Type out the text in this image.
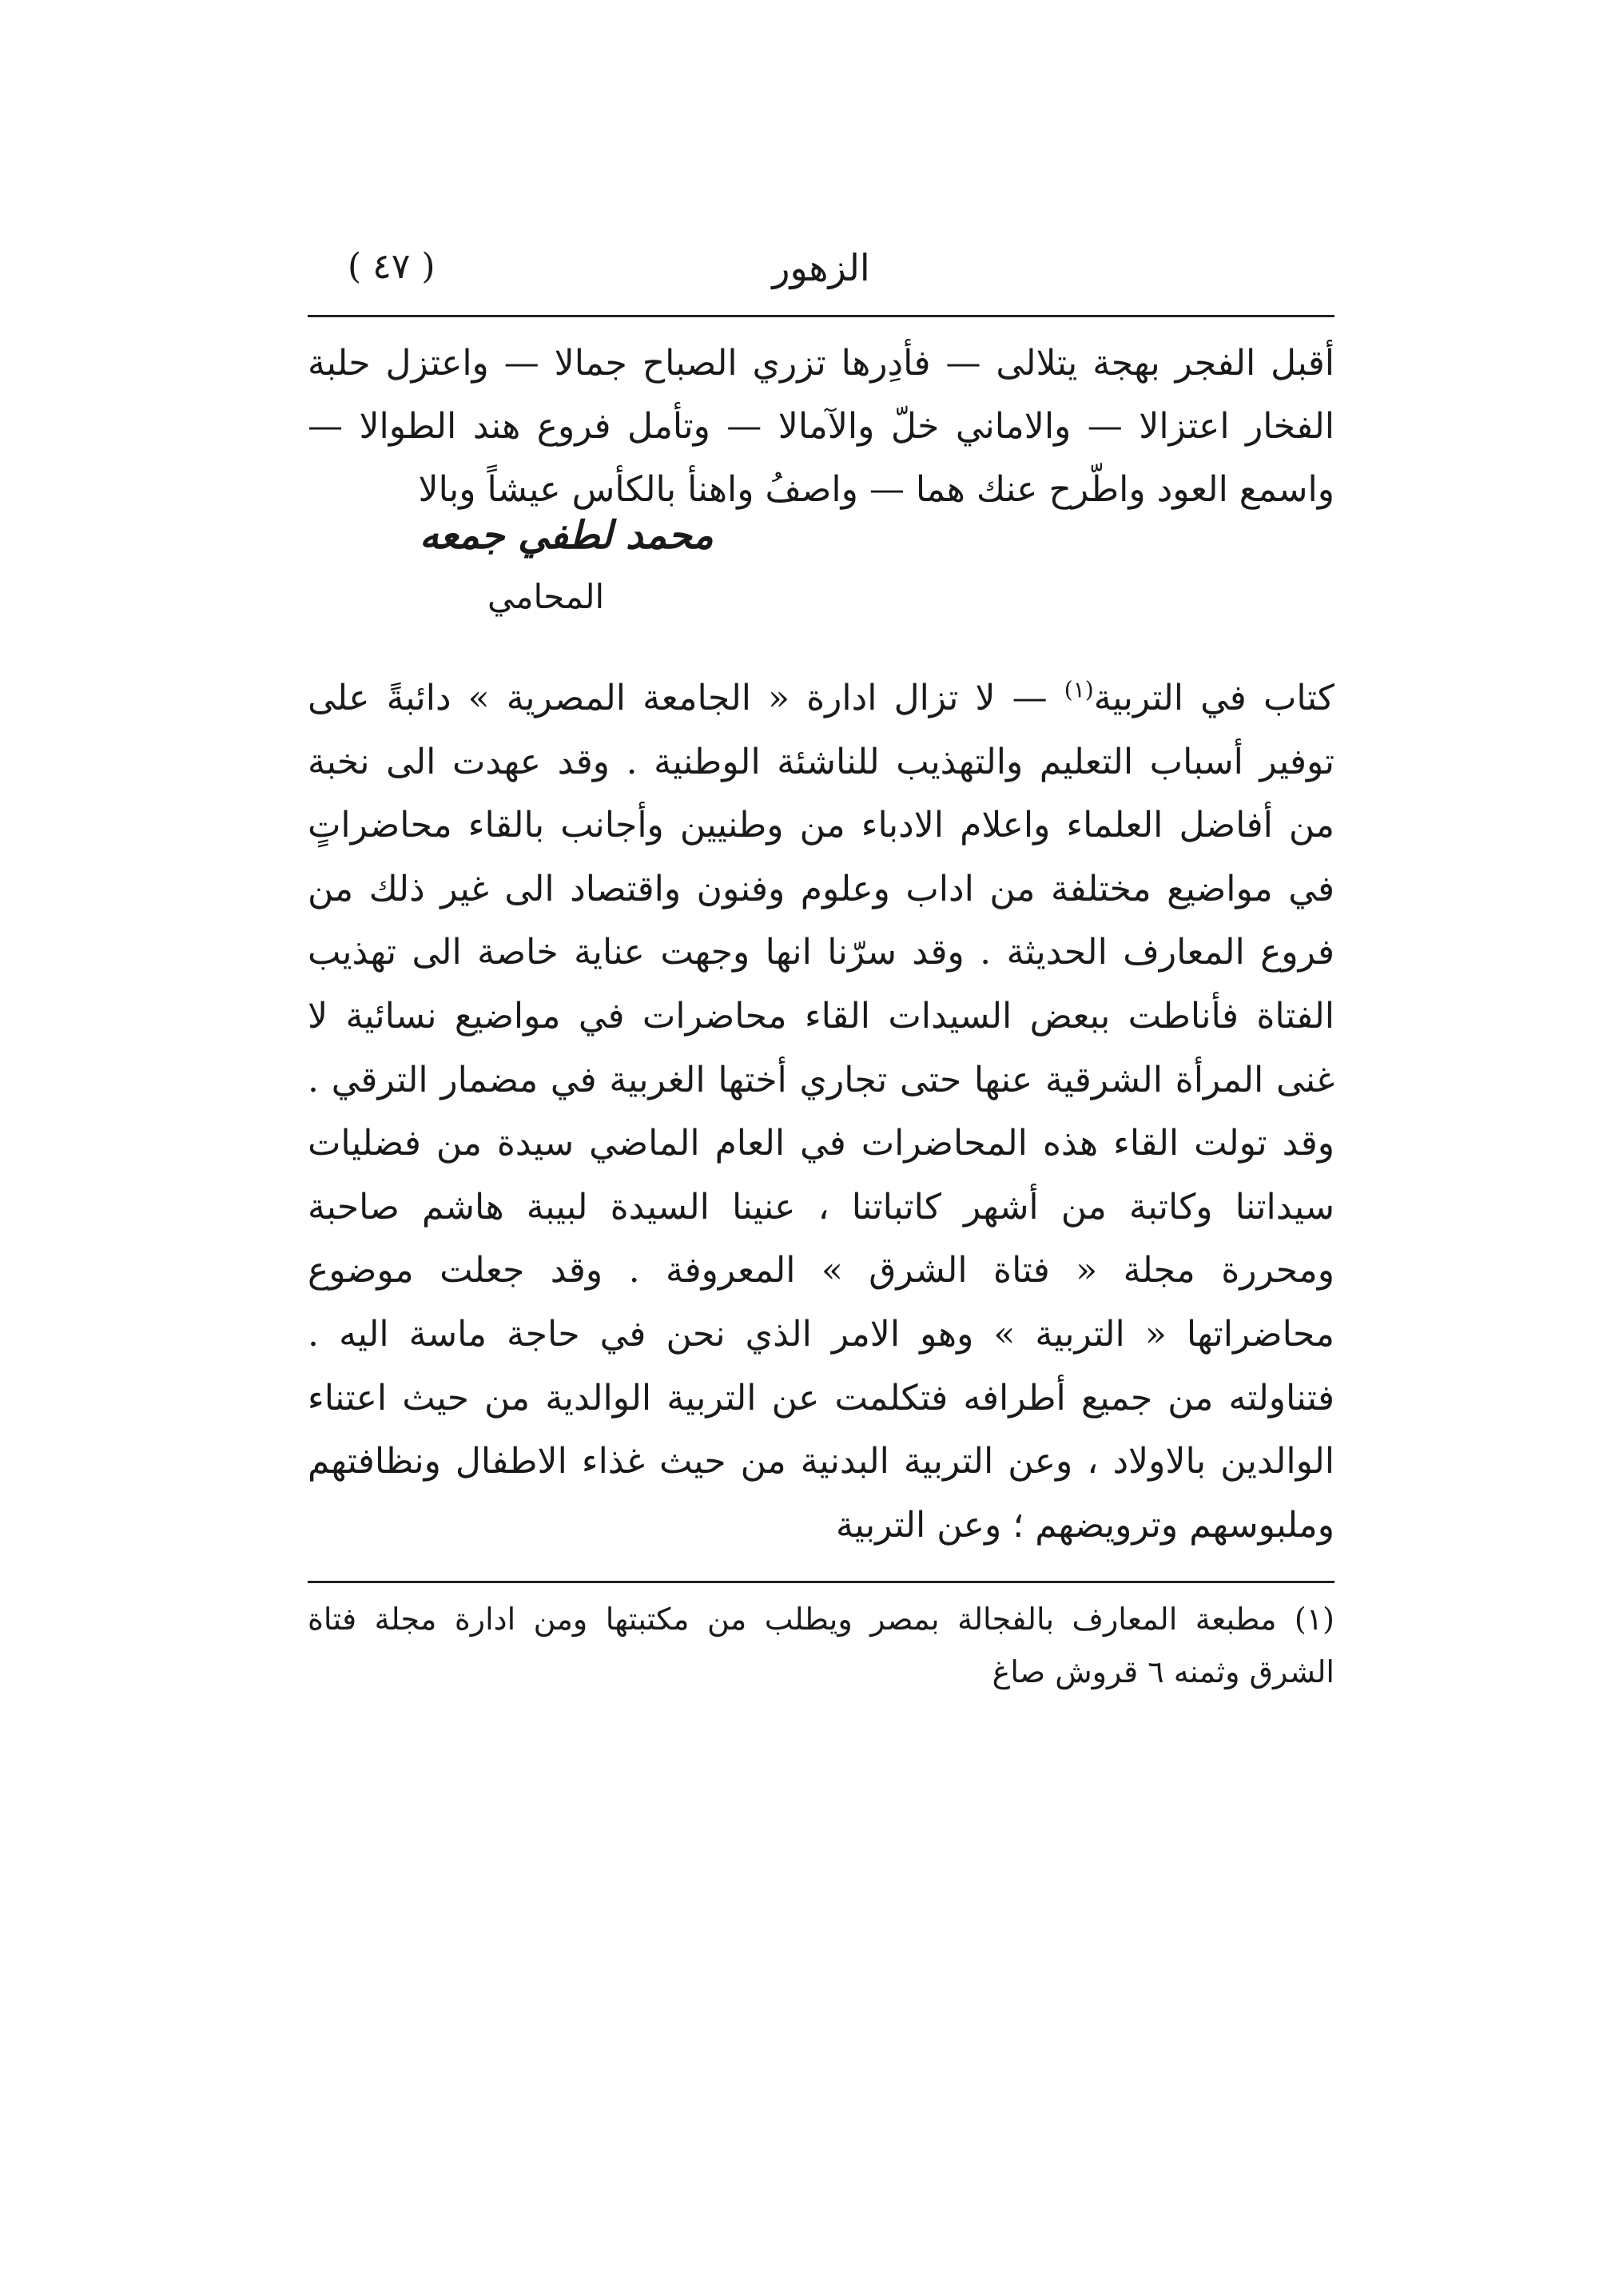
الزهور
( ٤٧ )

أقبل الفجر بهجة يتلالى — فأدِرها تزري الصباح جمالا — واعتزل حلبة الفخار اعتزالا — والاماني خلّ والآمالا — وتأمل فروع هند الطوالا — واسمع العود واطّرح عنك هما — واصفُ واهنأ بالكأس عيشاً وبالا

محمد لطفي جمعه
المحامي

كتاب في التربية$^{(١)}$ — لا تزال ادارة « الجامعة المصرية » دائبةً على توفير أسباب التعليم والتهذيب للناشئة الوطنية . وقد عهدت الى نخبة من أفاضل العلماء واعلام الادباء من وطنيين وأجانب بالقاء محاضراتٍ في مواضيع مختلفة من اداب وعلوم وفنون واقتصاد الى غير ذلك من فروع المعارف الحديثة . وقد سرّنا انها وجهت عناية خاصة الى تهذيب الفتاة فأناطت ببعض السيدات القاء محاضرات في مواضيع نسائية لا غنى المرأة الشرقية عنها حتى تجاري أختها الغربية في مضمار الترقي . وقد تولت القاء هذه المحاضرات في العام الماضي سيدة من فضليات سيداتنا وكاتبة من أشهر كاتباتنا ، عنينا السيدة لبيبة هاشم صاحبة ومحررة مجلة « فتاة الشرق » المعروفة . وقد جعلت موضوع محاضراتها « التربية » وهو الامر الذي نحن في حاجة ماسة اليه . فتناولته من جميع أطرافه فتكلمت عن التربية الوالدية من حيث اعتناء الوالدين بالاولاد ، وعن التربية البدنية من حيث غذاء الاطفال ونظافتهم وملبوسهم وترويضهم ؛ وعن التربية

(١) مطبعة المعارف بالفجالة بمصر ويطلب من مكتبتها ومن ادارة مجلة فتاة الشرق وثمنه ٦ قروش صاغ
